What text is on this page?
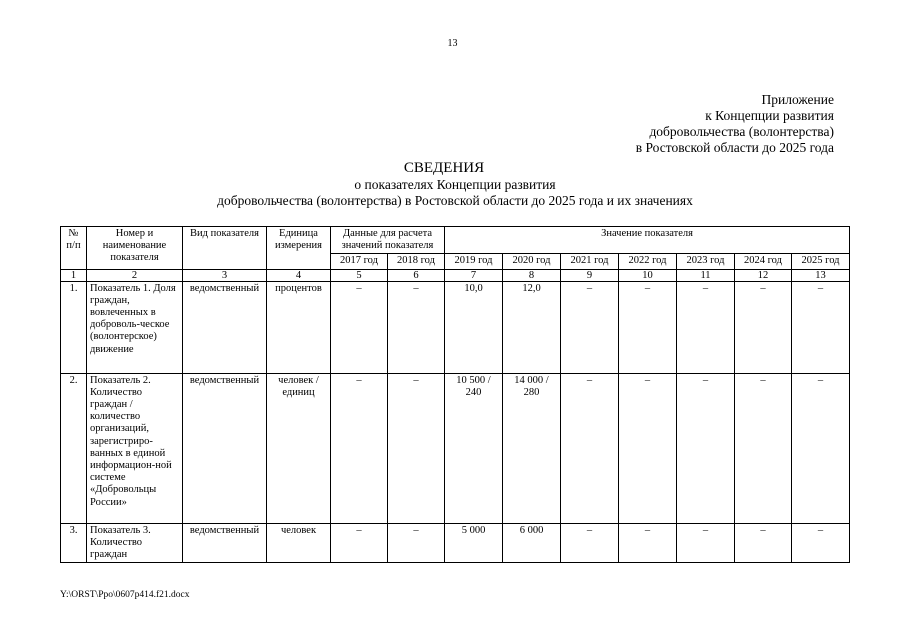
13
Приложение
к Концепции развития
добровольчества (волонтерства)
в Ростовской области до 2025 года
СВЕДЕНИЯ
о показателях Концепции развития
добровольчества (волонтерства) в Ростовской области до 2025 года и их значениях
№ п/п	Номер и наименование показателя	Вид показателя	Единица измерения	Данные для расчета значений показателя		Значение показателя						
				2017 год	2018 год	2019 год	2020 год	2021 год	2022 год	2023 год	2024 год	2025 год
1	2	3	4	5	6	7	8	9	10	11	12	13
1.	Показатель 1. Доля граждан, вовлеченных в доброволь-ческое (волонтерское) движение	ведомственный	процентов	–	–	10,0	12,0	–	–	–	–	–
2.	Показатель 2. Количество граждан / количество организаций, зарегистриро-ванных в единой информацион-ной системе «Добровольцы России»	ведомственный	человек / единиц	–	–	10 500 / 240	14 000 / 280	–	–	–	–	–
3.	Показатель 3. Количество граждан	ведомственный	человек	–	–	5 000	6 000	–	–	–	–	–
Y:\ORST\Ppo\0607p414.f21.docx
